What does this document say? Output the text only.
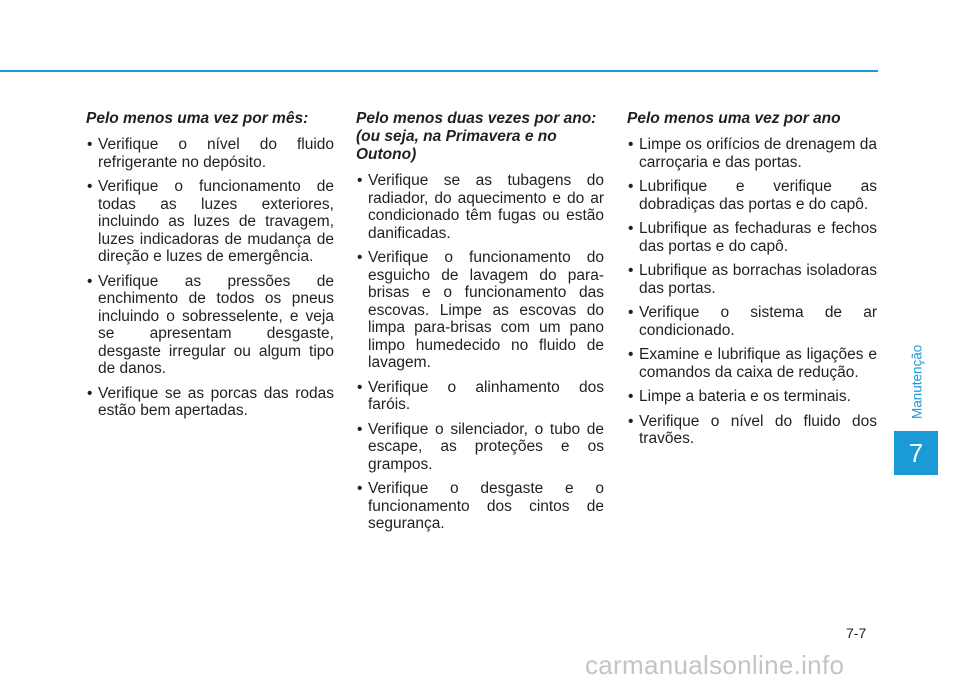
Pelo menos uma vez por mês:
• Verifique o nível do fluido refrigerante no depósito.
• Verifique o funcionamento de todas as luzes exteriores, incluindo as luzes de travagem, luzes indicadoras de mudança de direção e luzes de emergência.
• Verifique as pressões de enchimento de todos os pneus incluindo o sobresselente, e veja se apresentam desgaste, desgaste irregular ou algum tipo de danos.
• Verifique se as porcas das rodas estão bem apertadas.
Pelo menos duas vezes por ano: (ou seja, na Primavera e no Outono)
• Verifique se as tubagens do radiador, do aquecimento e do ar condicionado têm fugas ou estão danificadas.
• Verifique o funcionamento do esguicho de lavagem do para-brisas e o funcionamento das escovas. Limpe as escovas do limpa para-brisas com um pano limpo humedecido no fluido de lavagem.
• Verifique o alinhamento dos faróis.
• Verifique o silenciador, o tubo de escape, as proteções e os grampos.
• Verifique o desgaste e o funcionamento dos cintos de segurança.
Pelo menos uma vez por ano
• Limpe os orifícios de drenagem da carroçaria e das portas.
• Lubrifique e verifique as dobradiças das portas e do capô.
• Lubrifique as fechaduras e fechos das portas e do capô.
• Lubrifique as borrachas isoladoras das portas.
• Verifique o sistema de ar condicionado.
• Examine e lubrifique as ligações e comandos da caixa de redução.
• Limpe a bateria e os terminais.
• Verifique o nível do fluido dos travões.
Manutenção
7
7-7
carmanualsonline.info
